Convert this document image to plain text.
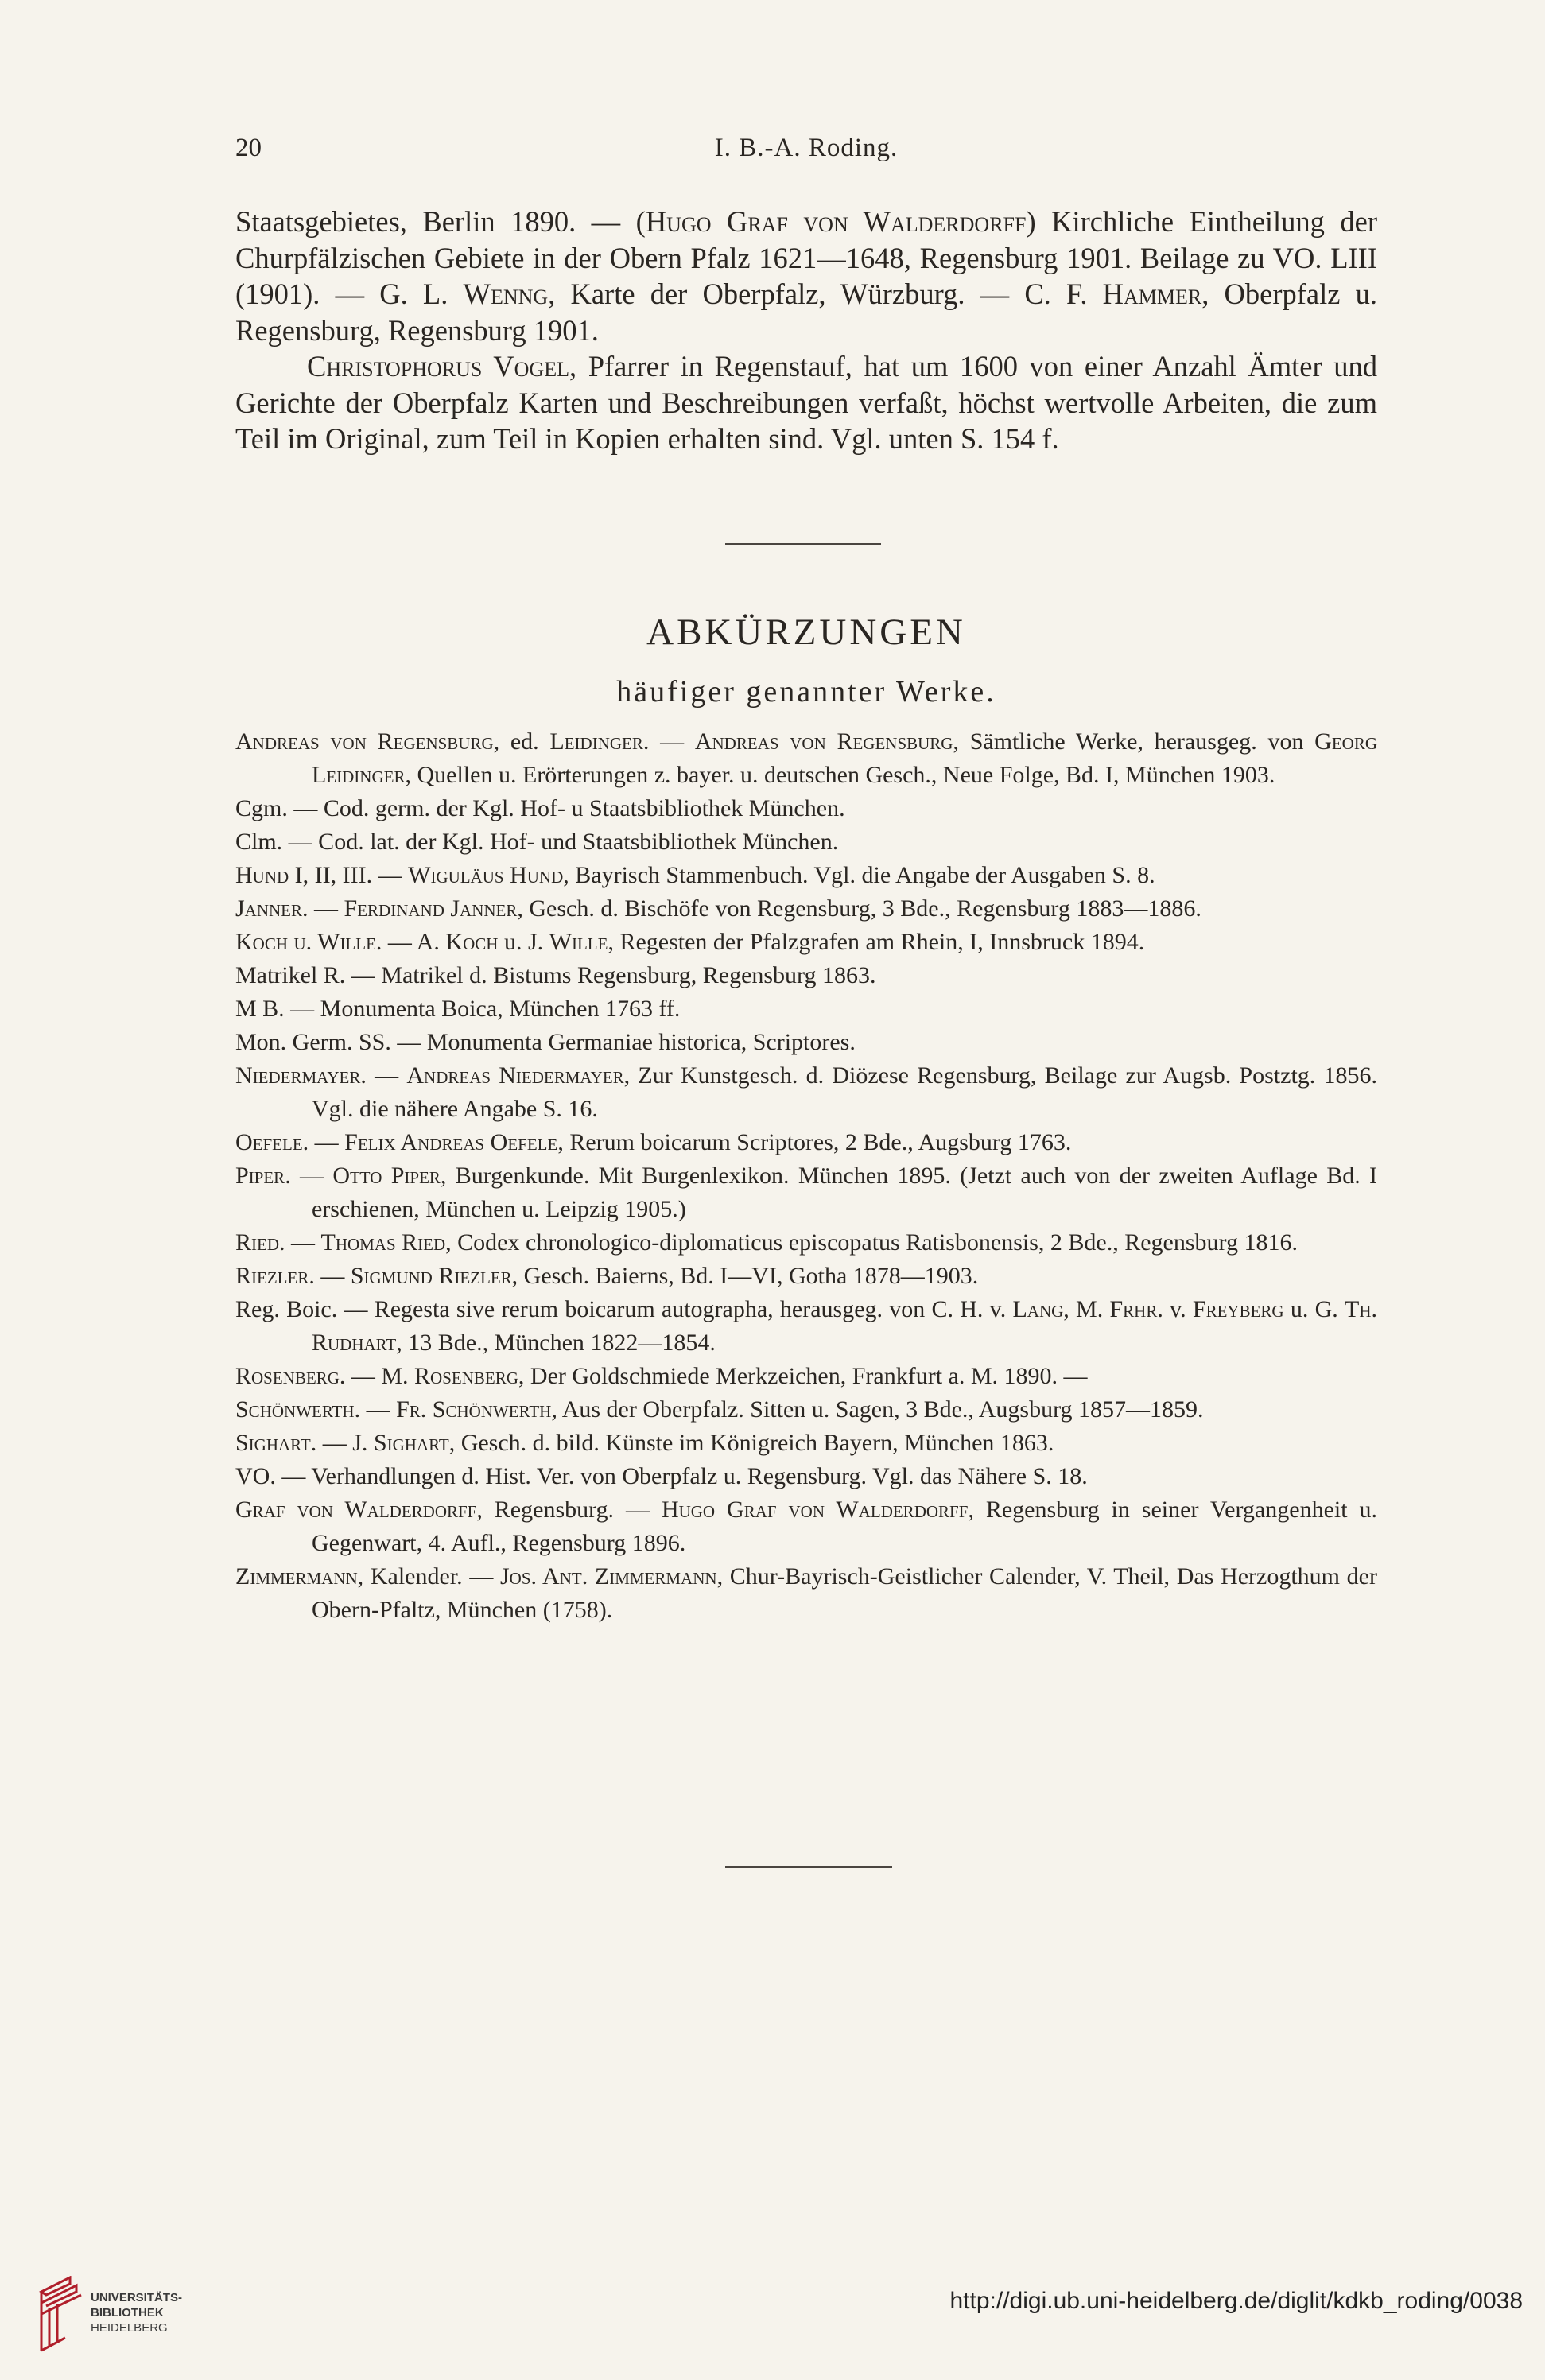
20	I. B.-A. Roding.

Staatsgebietes, Berlin 1890. — (Hugo Graf von Walderdorff) Kirchliche Eintheilung der Churpfälzischen Gebiete in der Obern Pfalz 1621—1648, Regensburg 1901. Beilage zu VO. LIII (1901). — G. L. Wenng, Karte der Oberpfalz, Würzburg. — C. F. Hammer, Oberpfalz u. Regensburg, Regensburg 1901.

Christophorus Vogel, Pfarrer in Regenstauf, hat um 1600 von einer Anzahl Ämter und Gerichte der Oberpfalz Karten und Beschreibungen verfaßt, höchst wertvolle Arbeiten, die zum Teil im Original, zum Teil in Kopien erhalten sind. Vgl. unten S. 154 f.

ABKÜRZUNGEN
häufiger genannter Werke.

Andreas von Regensburg, ed. Leidinger. — Andreas von Regensburg, Sämtliche Werke, herausgeg. von Georg Leidinger, Quellen u. Erörterungen z. bayer. u. deutschen Gesch., Neue Folge, Bd. I, München 1903.

Cgm. — Cod. germ. der Kgl. Hof- u Staatsbibliothek München.

Clm. — Cod. lat. der Kgl. Hof- und Staatsbibliothek München.

Hund I, II, III. — Wiguläus Hund, Bayrisch Stammenbuch. Vgl. die Angabe der Ausgaben S. 8.

Janner. — Ferdinand Janner, Gesch. d. Bischöfe von Regensburg, 3 Bde., Regensburg 1883—1886.

Koch u. Wille. — A. Koch u. J. Wille, Regesten der Pfalzgrafen am Rhein, I, Innsbruck 1894.

Matrikel R. — Matrikel d. Bistums Regensburg, Regensburg 1863.

M B. — Monumenta Boica, München 1763 ff.

Mon. Germ. SS. — Monumenta Germaniae historica, Scriptores.

Niedermayer. — Andreas Niedermayer, Zur Kunstgesch. d. Diözese Regensburg, Beilage zur Augsb. Postztg. 1856. Vgl. die nähere Angabe S. 16.

Oefele. — Felix Andreas Oefele, Rerum boicarum Scriptores, 2 Bde., Augsburg 1763.

Piper. — Otto Piper, Burgenkunde. Mit Burgenlexikon. München 1895. (Jetzt auch von der zweiten Auflage Bd. I erschienen, München u. Leipzig 1905.)

Ried. — Thomas Ried, Codex chronologico-diplomaticus episcopatus Ratisbonensis, 2 Bde., Regensburg 1816.

Riezler. — Sigmund Riezler, Gesch. Baierns, Bd. I—VI, Gotha 1878—1903.

Reg. Boic. — Regesta sive rerum boicarum autographa, herausgeg. von C. H. v. Lang, M. Frhr. v. Freyberg u. G. Th. Rudhart, 13 Bde., München 1822—1854.

Rosenberg. — M. Rosenberg, Der Goldschmiede Merkzeichen, Frankfurt a. M. 1890. —

Schönwerth. — Fr. Schönwerth, Aus der Oberpfalz. Sitten u. Sagen, 3 Bde., Augsburg 1857—1859.

Sighart. — J. Sighart, Gesch. d. bild. Künste im Königreich Bayern, München 1863.

VO. — Verhandlungen d. Hist. Ver. von Oberpfalz u. Regensburg. Vgl. das Nähere S. 18.

Graf von Walderdorff, Regensburg. — Hugo Graf von Walderdorff, Regensburg in seiner Vergangenheit u. Gegenwart, 4. Aufl., Regensburg 1896.

Zimmermann, Kalender. — Jos. Ant. Zimmermann, Chur-Bayrisch-Geistlicher Calender, V. Theil, Das Herzogthum der Obern-Pfaltz, München (1758).

UNIVERSITÄTS-
BIBLIOTHEK
HEIDELBERG
http://digi.ub.uni-heidelberg.de/diglit/kdkb_roding/0038
